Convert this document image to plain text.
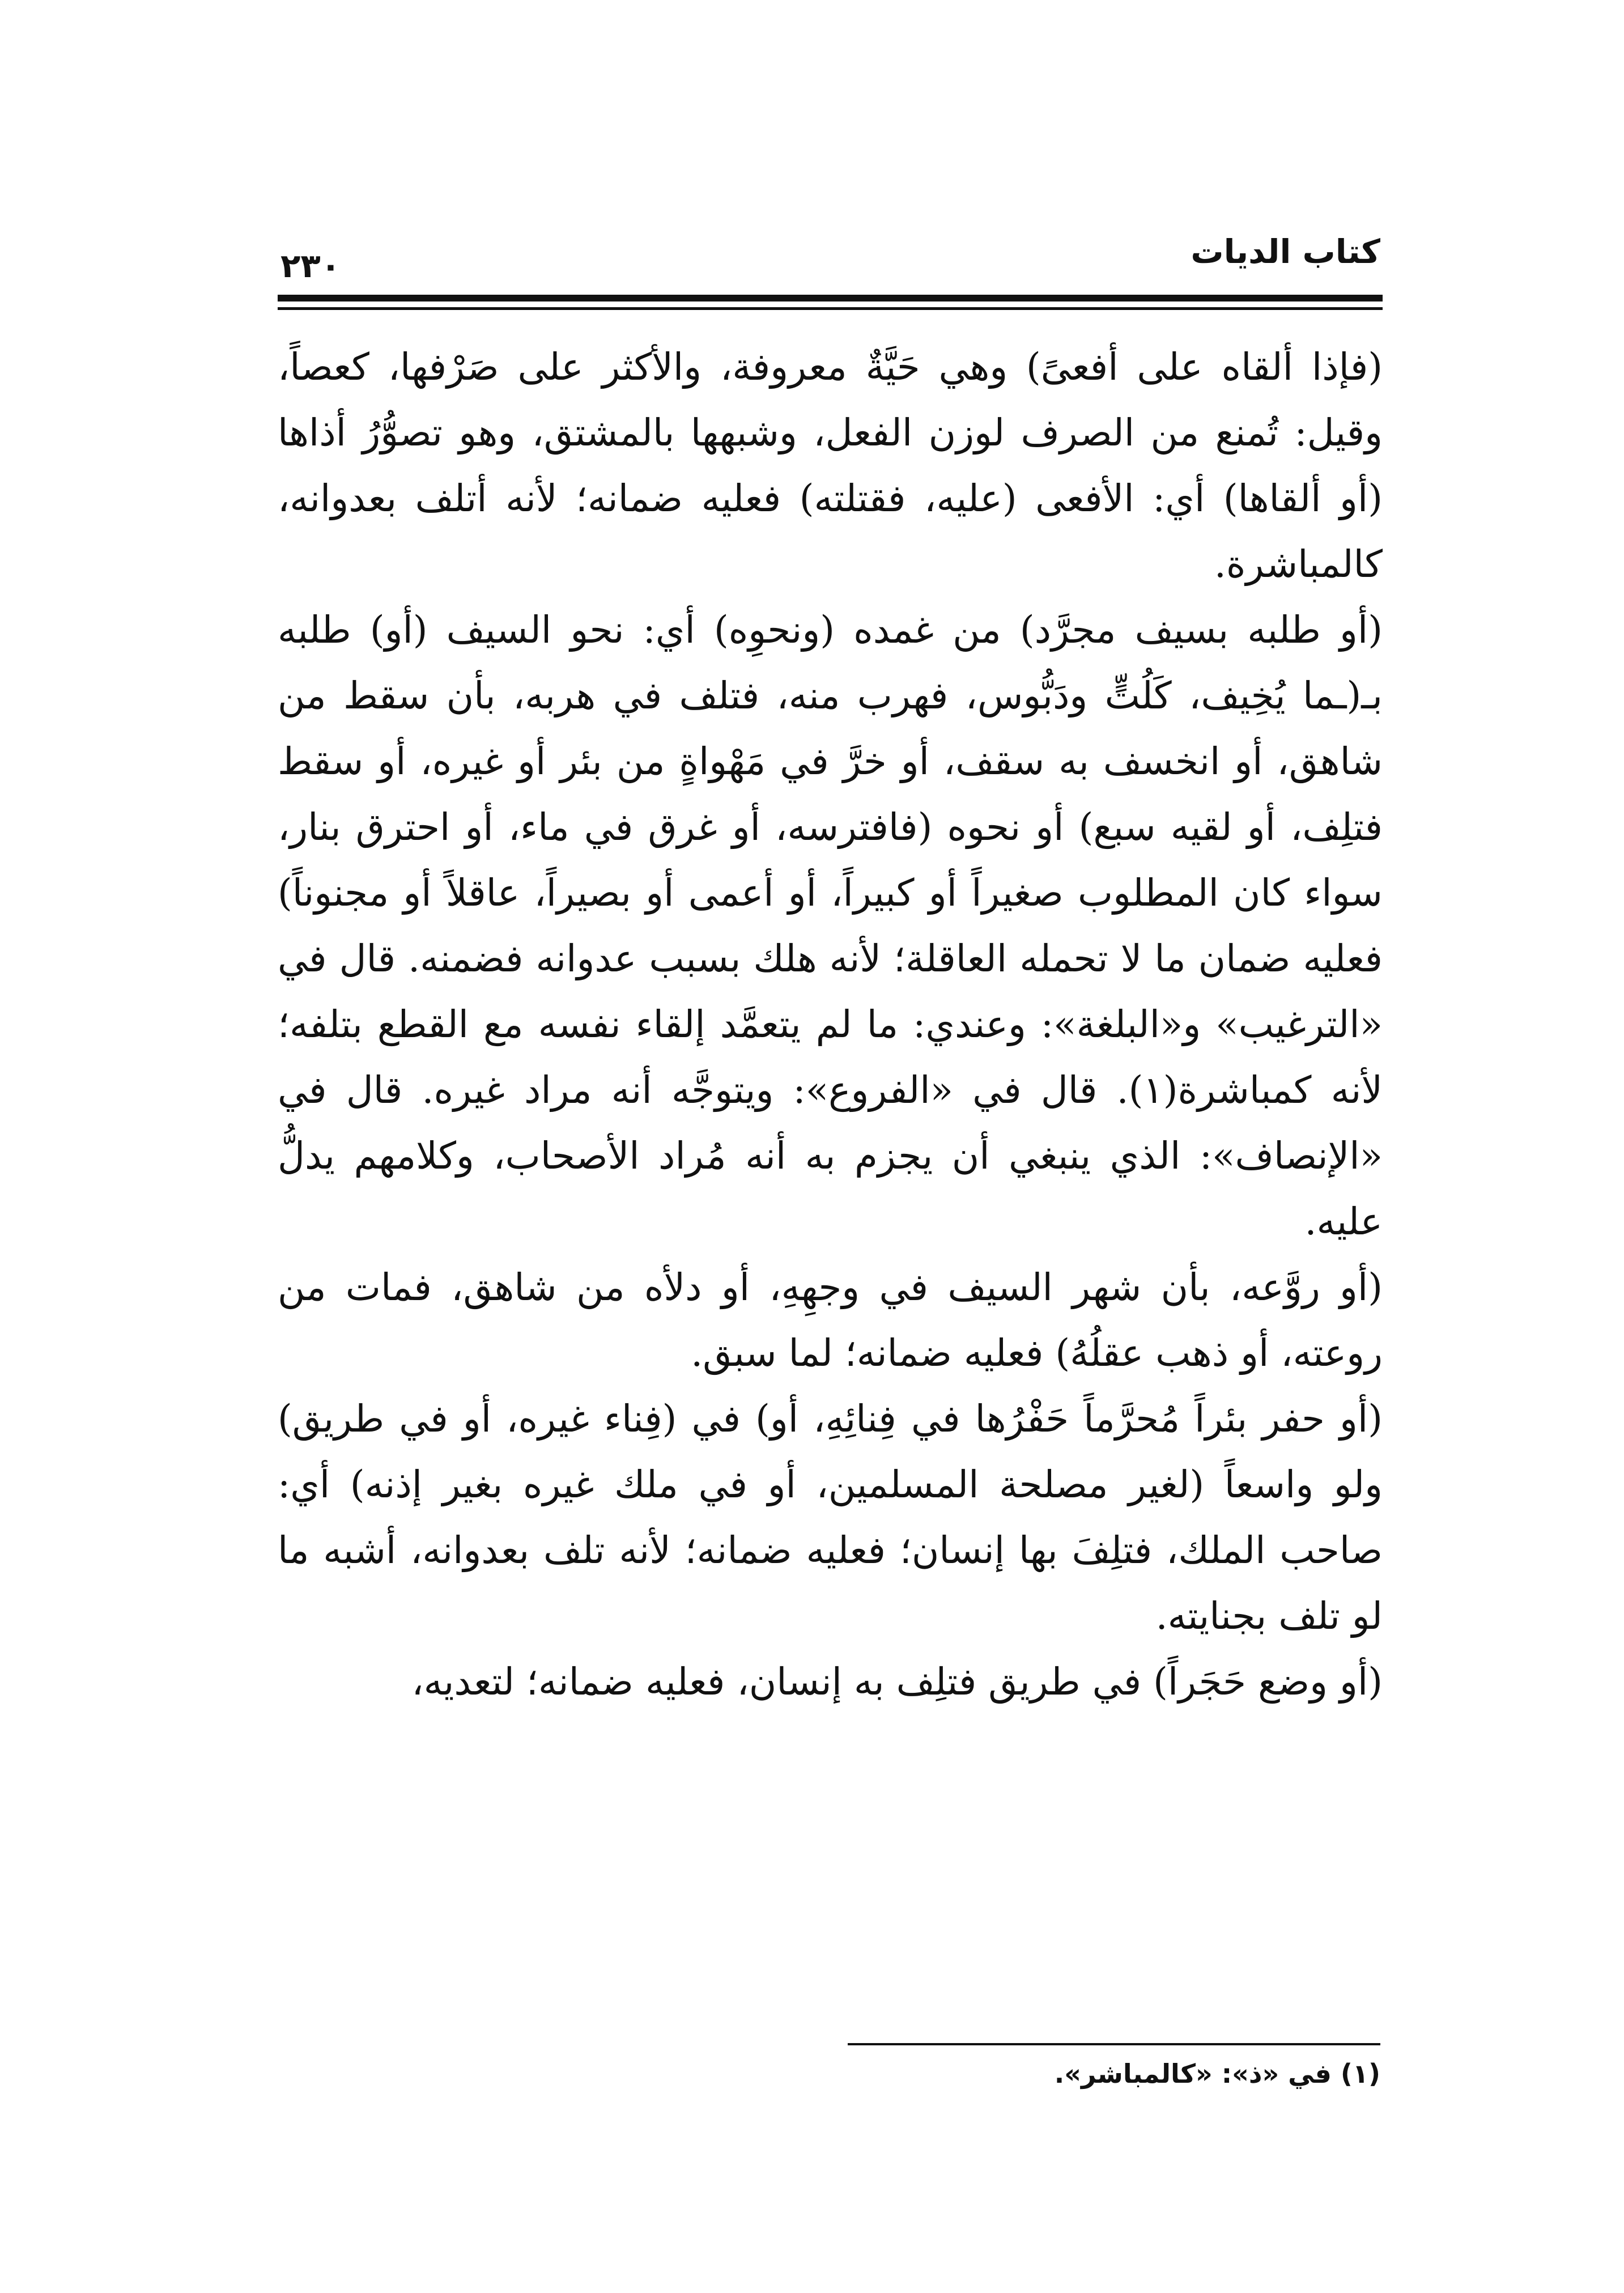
كتاب الديات
٢٣٠

(فإذا ألقاه على أفعىً) وهي حَيَّةٌ معروفة، والأكثر على صَرْفها، كعصاً، وقيل: تُمنع من الصرف لوزن الفعل، وشبهها بالمشتق، وهو تصوُّرُ أذاها (أو ألقاها) أي: الأفعى (عليه، فقتلته) فعليه ضمانه؛ لأنه أتلف بعدوانه، كالمباشرة.

(أو طلبه بسيف مجرَّد) من غمده (ونحوِه) أي: نحو السيف (أو) طلبه بـ(ـما يُخِيف، كَلُتٍّ ودَبُّوس، فهرب منه، فتلف في هربه، بأن سقط من شاهق، أو انخسف به سقف، أو خرَّ في مَهْواةٍ من بئر أو غيره، أو سقط فتلِف، أو لقيه سبع) أو نحوه (فافترسه، أو غرق في ماء، أو احترق بنار، سواء كان المطلوب صغيراً أو كبيراً، أو أعمى أو بصيراً، عاقلاً أو مجنوناً) فعليه ضمان ما لا تحمله العاقلة؛ لأنه هلك بسبب عدوانه فضمنه. قال في «الترغيب» و«البلغة»: وعندي: ما لم يتعمَّد إلقاء نفسه مع القطع بتلفه؛ لأنه كمباشرة(١). قال في «الفروع»: ويتوجَّه أنه مراد غيره. قال في «الإنصاف»: الذي ينبغي أن يجزم به أنه مُراد الأصحاب، وكلامهم يدلُّ عليه.

(أو روَّعه، بأن شهر السيف في وجهِهِ، أو دلأه من شاهق، فمات من روعته، أو ذهب عقلُهُ) فعليه ضمانه؛ لما سبق.

(أو حفر بئراً مُحرَّماً حَفْرُها في فِنائِهِ، أو) في (فِناء غيره، أو في طريق) ولو واسعاً (لغير مصلحة المسلمين، أو في ملك غيره بغير إذنه) أي: صاحب الملك، فتلِفَ بها إنسان؛ فعليه ضمانه؛ لأنه تلف بعدوانه، أشبه ما لو تلف بجنايته.

(أو وضع حَجَراً) في طريق فتلِف به إنسان، فعليه ضمانه؛ لتعديه،

(١) في «ذ»: «كالمباشر».
